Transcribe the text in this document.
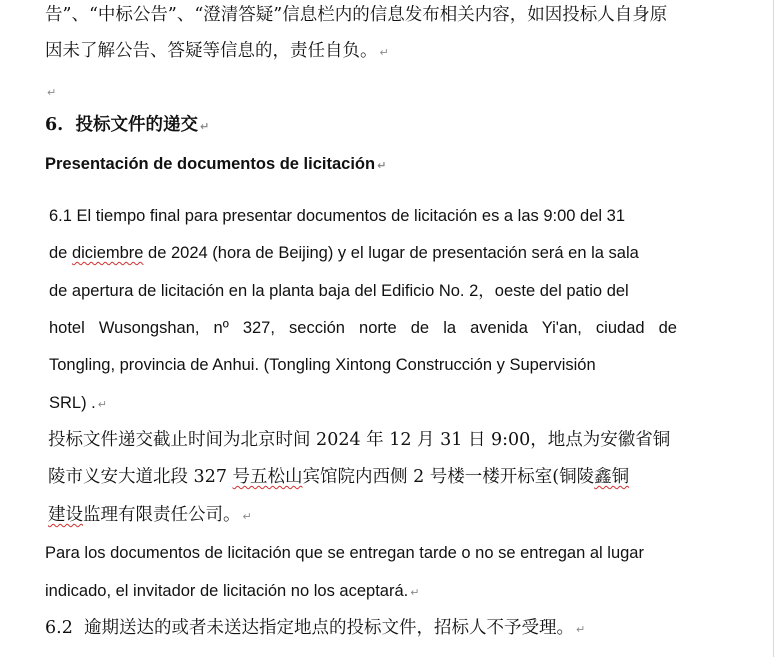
告”、“中标公告”、“澄清答疑”信息栏内的信息发布相关内容，如因投标人自身原
因未了解公告、答疑等信息的，责任自负。 ↵
↵
6. 投标文件的递交 ↵
Presentación de documentos de licitación ↵
6.1 El tiempo final para presentar documentos de licitación es a las 9:00 del 31
de diciembre de 2024 (hora de Beijing) y el lugar de presentación será en la sala
de apertura de licitación en la planta baja del Edificio No. 2，oeste del patio del
hotel Wusongshan, nº 327, sección norte de la avenida Yi'an, ciudad de
Tongling, provincia de Anhui. (Tongling Xintong Construcción y Supervisión
SRL) . ↵
投标文件递交截止时间为北京时间 2024 年 12 月 31 日 9:00，地点为安徽省铜
陵市义安大道北段 327 号五松山宾馆院内西侧 2 号楼一楼开标室(铜陵鑫铜
建设监理有限责任公司。 ↵
Para los documentos de licitación que se entregan tarde o no se entregan al lugar
indicado, el invitador de licitación no los aceptará. ↵
6.2 逾期送达的或者未送达指定地点的投标文件，招标人不予受理。 ↵
